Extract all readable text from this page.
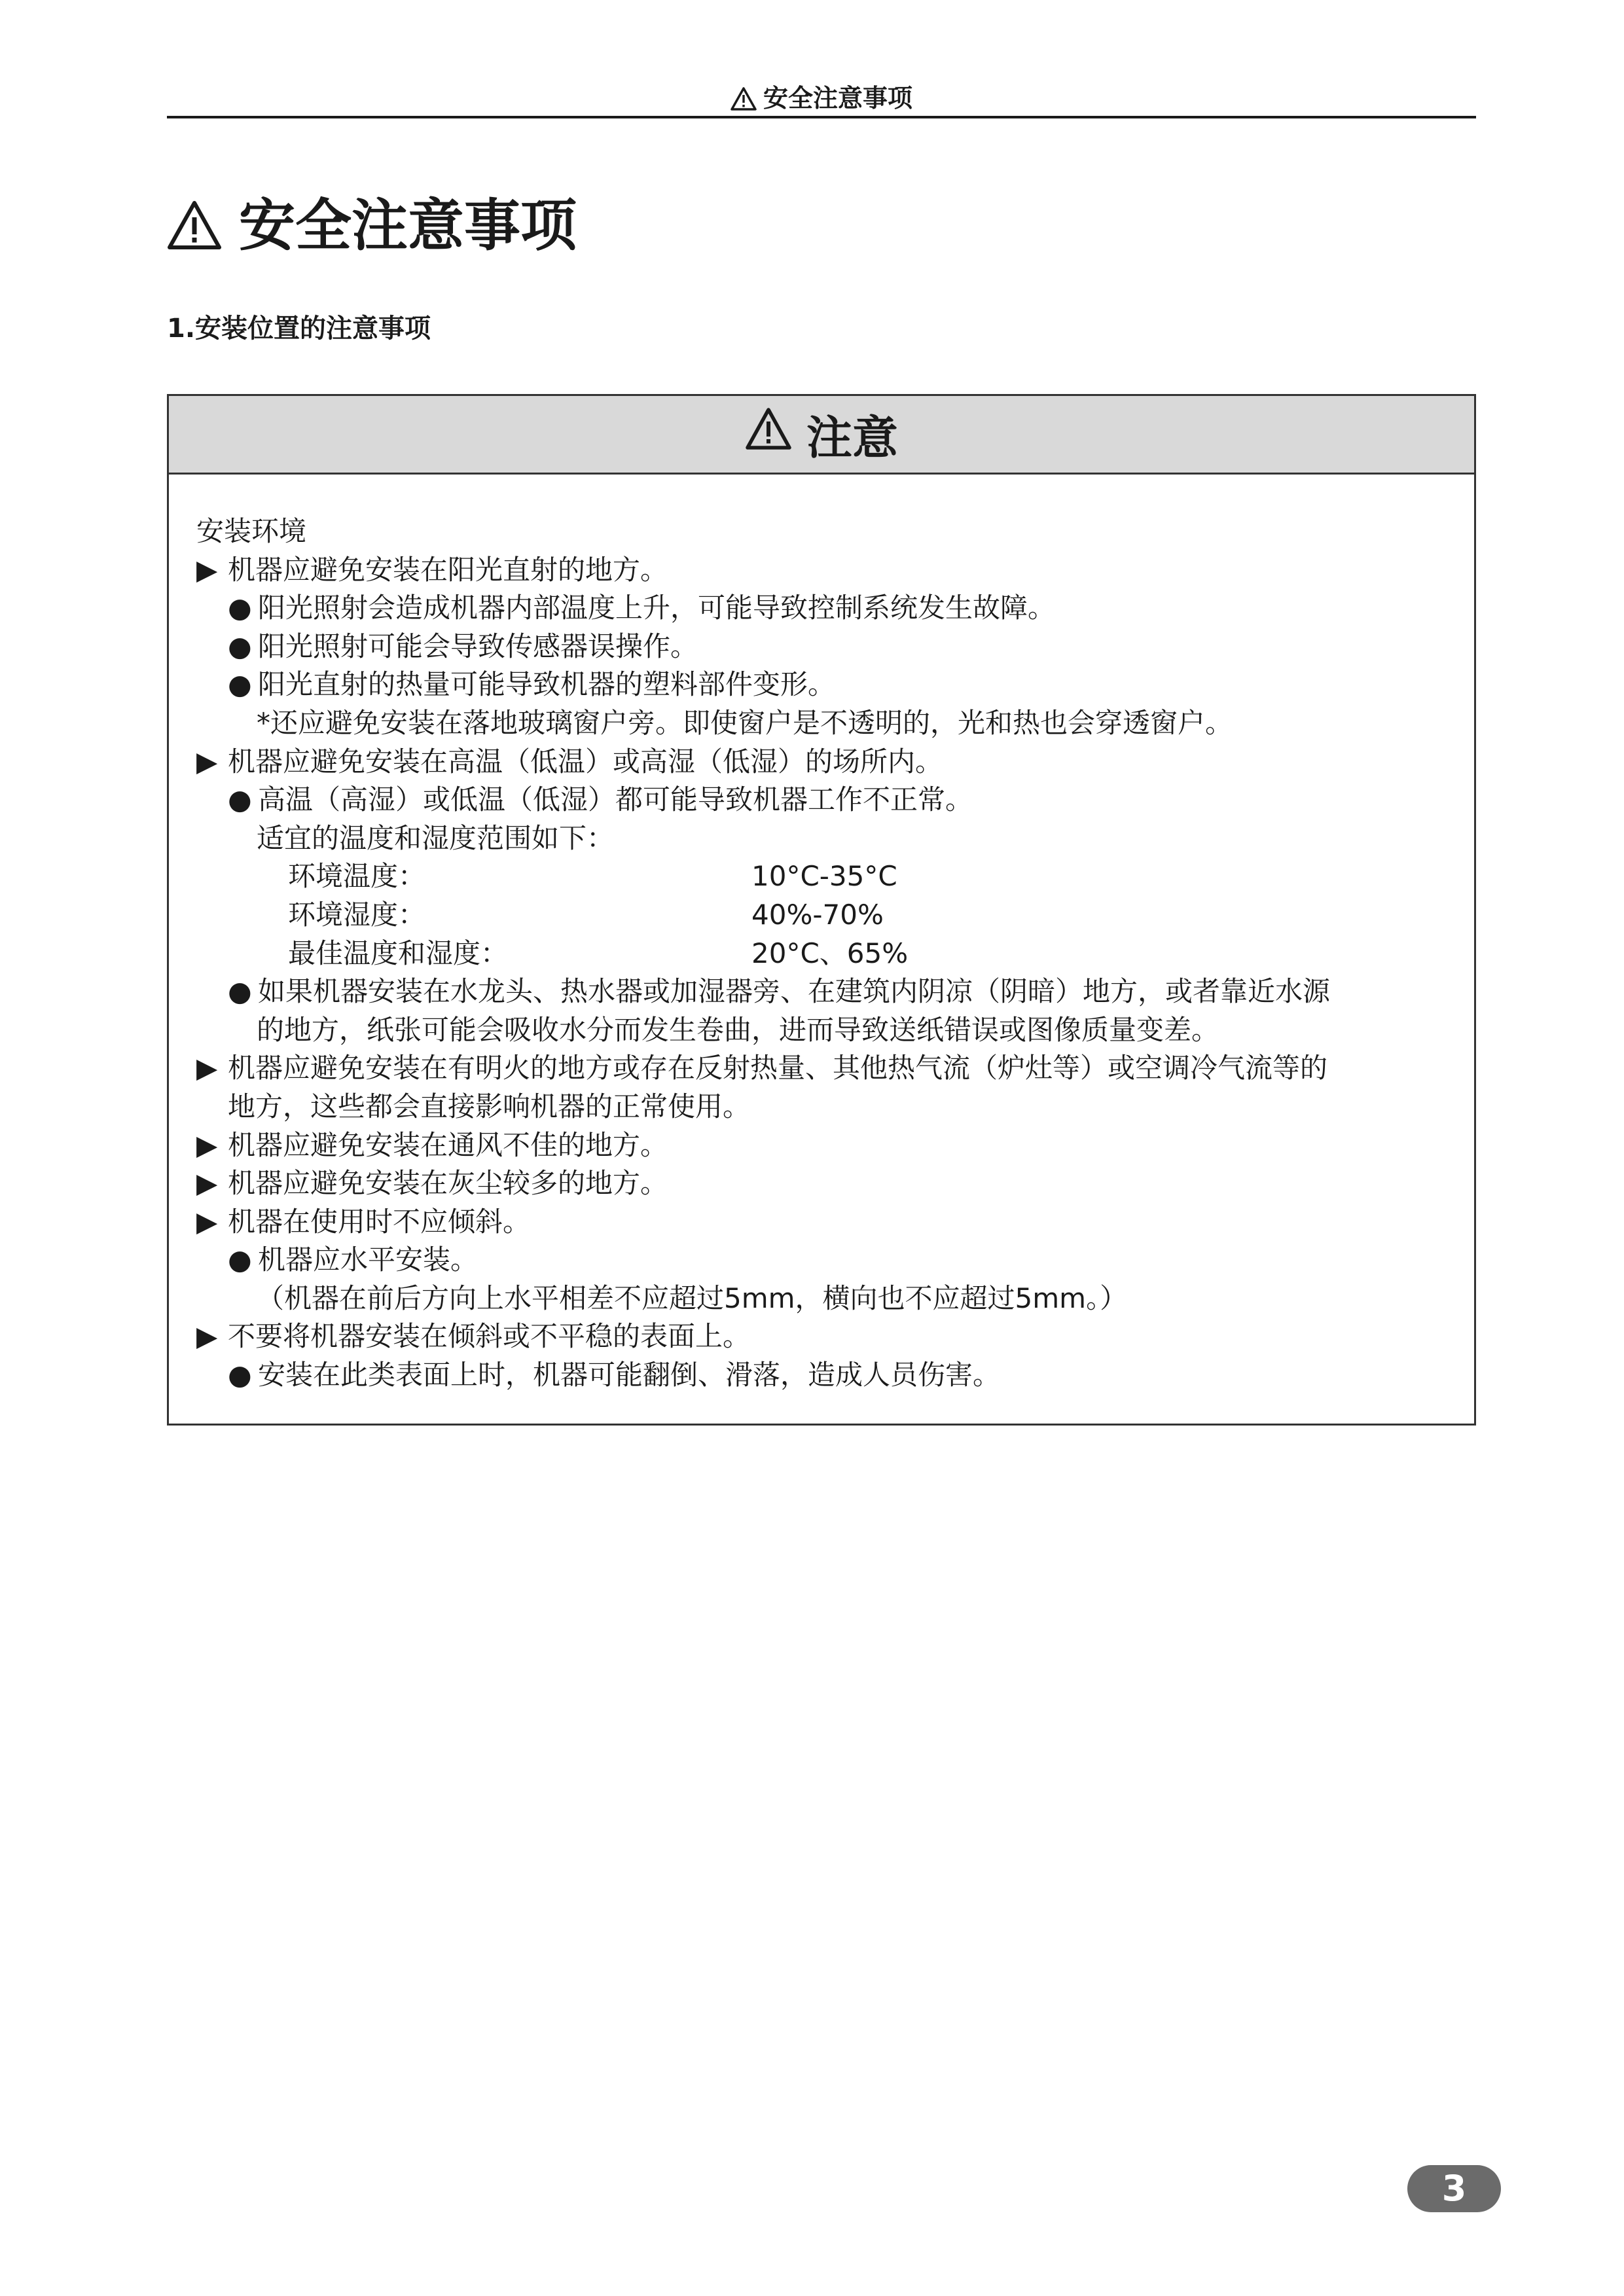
安全注意事项
安全注意事项
1.安装位置的注意事项
注意
安装环境
▶ 机器应避免安装在阳光直射的地方。
● 阳光照射会造成机器内部温度上升，可能导致控制系统发生故障。
● 阳光照射可能会导致传感器误操作。
● 阳光直射的热量可能导致机器的塑料部件变形。
*还应避免安装在落地玻璃窗户旁。即使窗户是不透明的，光和热也会穿透窗户。
▶ 机器应避免安装在高温（低温）或高湿（低湿）的场所内。
● 高温（高湿）或低温（低湿）都可能导致机器工作不正常。
适宜的温度和湿度范围如下：
环境温度：	10°C-35°C
环境湿度：	40%-70%
最佳温度和湿度：	20°C、65%
● 如果机器安装在水龙头、热水器或加湿器旁、在建筑内阴凉（阴暗）地方，或者靠近水源
的地方，纸张可能会吸收水分而发生卷曲，进而导致送纸错误或图像质量变差。
▶ 机器应避免安装在有明火的地方或存在反射热量、其他热气流（炉灶等）或空调冷气流等的
地方，这些都会直接影响机器的正常使用。
▶ 机器应避免安装在通风不佳的地方。
▶ 机器应避免安装在灰尘较多的地方。
▶ 机器在使用时不应倾斜。
● 机器应水平安装。
（机器在前后方向上水平相差不应超过5mm，横向也不应超过5mm。）
▶ 不要将机器安装在倾斜或不平稳的表面上。
● 安装在此类表面上时，机器可能翻倒、滑落，造成人员伤害。
3
